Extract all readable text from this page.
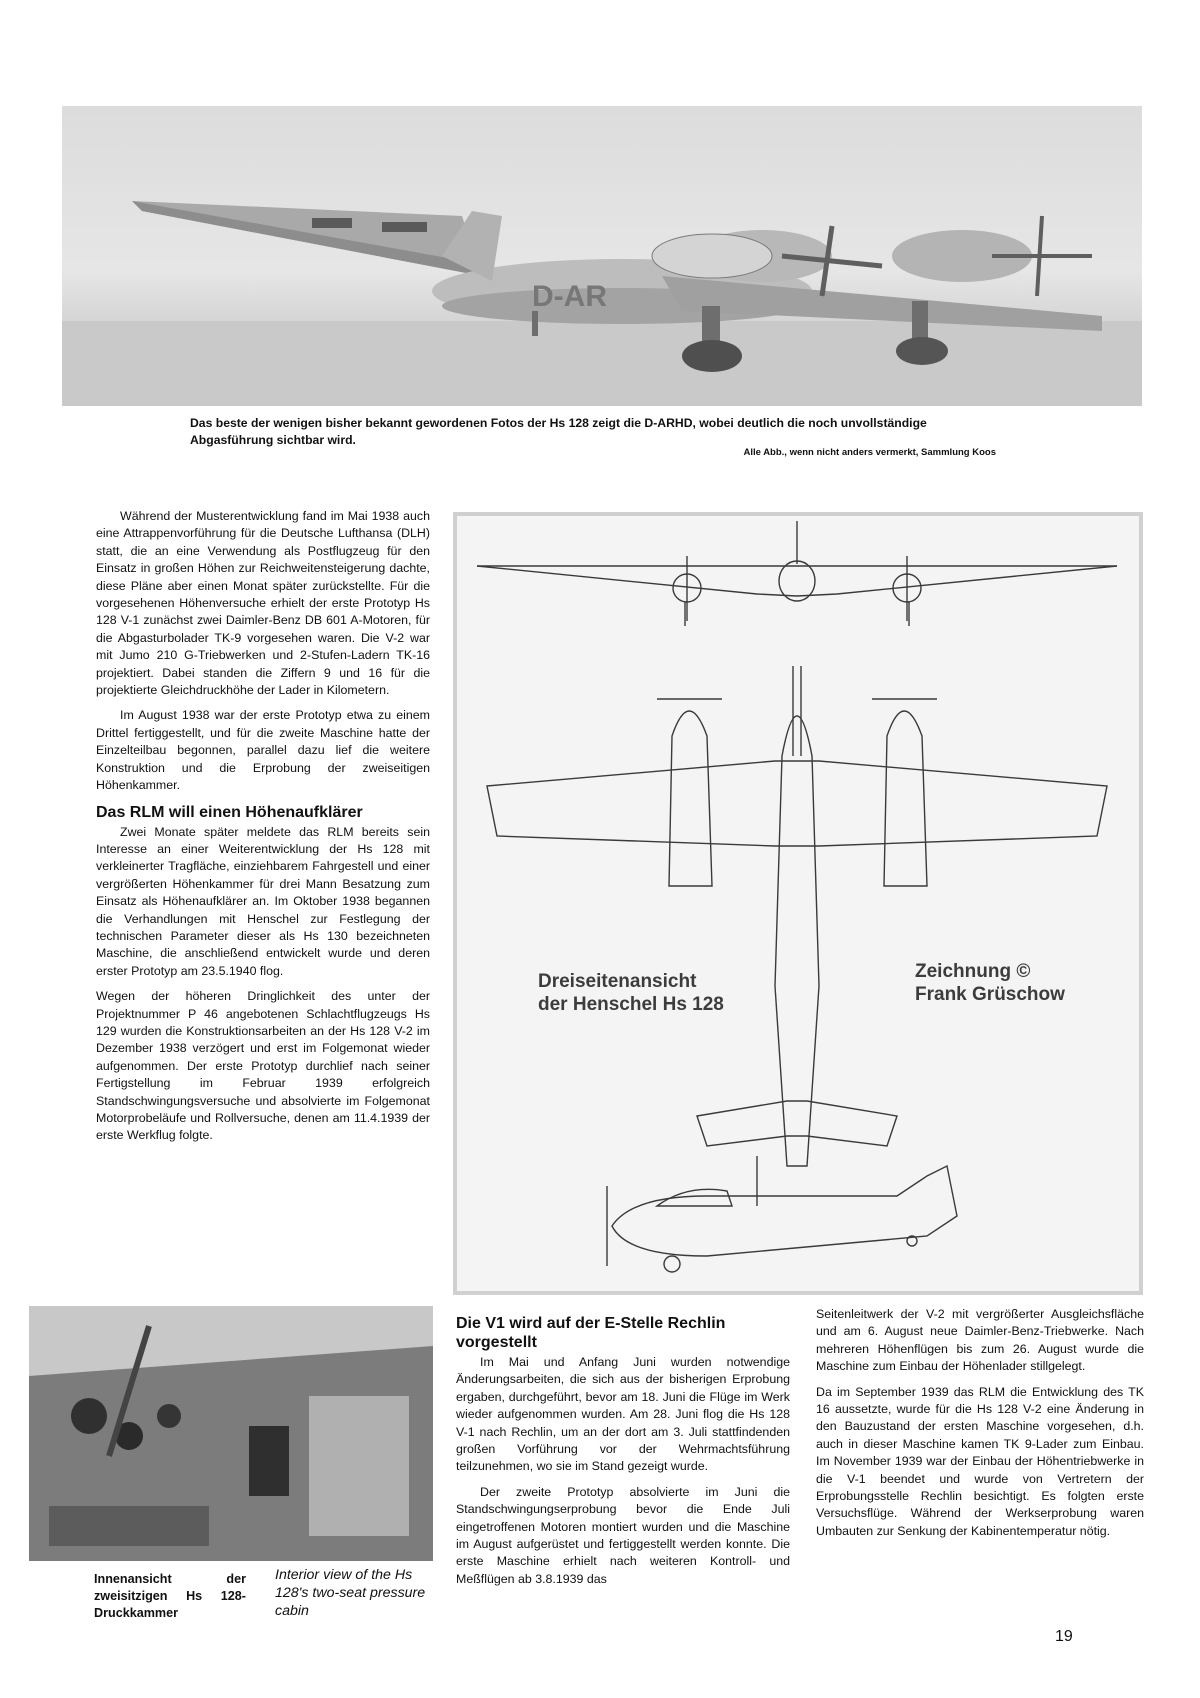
D-AR
Das beste der wenigen bisher bekannt gewordenen Fotos der Hs 128 zeigt die D-ARHD, wobei deutlich die noch unvollständige Abgasführung sichtbar wird.
Alle Abb., wenn nicht anders vermerkt, Sammlung Koos

Während der Musterentwicklung fand im Mai 1938 auch eine Attrappenvorführung für die Deutsche Lufthansa (DLH) statt, die an eine Verwendung als Postflugzeug für den Einsatz in großen Höhen zur Reichweitensteigerung dachte, diese Pläne aber einen Monat später zurückstellte. Für die vorgesehenen Höhenversuche erhielt der erste Prototyp Hs 128 V-1 zunächst zwei Daimler-Benz DB 601 A-Motoren, für die Abgasturbolader TK-9 vorgesehen waren. Die V-2 war mit Jumo 210 G-Triebwerken und 2-Stufen-Ladern TK-16 projektiert. Dabei standen die Ziffern 9 und 16 für die projektierte Gleichdruckhöhe der Lader in Kilometern.

Im August 1938 war der erste Prototyp etwa zu einem Drittel fertiggestellt, und für die zweite Maschine hatte der Einzelteilbau begonnen, parallel dazu lief die weitere Konstruktion und die Erprobung der zweiseitigen Höhenkammer.

Das RLM will einen Höhenaufklärer

Zwei Monate später meldete das RLM bereits sein Interesse an einer Weiterentwicklung der Hs 128 mit verkleinerter Tragfläche, einziehbarem Fahrgestell und einer vergrößerten Höhenkammer für drei Mann Besatzung zum Einsatz als Höhenaufklärer an. Im Oktober 1938 begannen die Verhandlungen mit Henschel zur Festlegung der technischen Parameter dieser als Hs 130 bezeichneten Maschine, die anschließend entwickelt wurde und deren erster Prototyp am 23.5.1940 flog.

Wegen der höheren Dringlichkeit des unter der Projektnummer P 46 angebotenen Schlachtflugzeugs Hs 129 wurden die Konstruktionsarbeiten an der Hs 128 V-2 im Dezember 1938 verzögert und erst im Folgemonat wieder aufgenommen. Der erste Prototyp durchlief nach seiner Fertigstellung im Februar 1939 erfolgreich Standschwingungsversuche und absolvierte im Folgemonat Motorprobeläufe und Rollversuche, denen am 11.4.1939 der erste Werkflug folgte.

Dreiseitenansicht
der Henschel Hs 128
Zeichnung ©
Frank Grüschow
Innenansicht der zweisitzigen Hs 128-Druckkammer
Interior view of the Hs 128's two-seat pressure cabin
Die V1 wird auf der E-Stelle Rechlin vorgestellt

Im Mai und Anfang Juni wurden notwendige Änderungsarbeiten, die sich aus der bisherigen Erprobung ergaben, durchgeführt, bevor am 18. Juni die Flüge im Werk wieder aufgenommen wurden. Am 28. Juni flog die Hs 128 V-1 nach Rechlin, um an der dort am 3. Juli stattfindenden großen Vorführung vor der Wehrmachtsführung teilzunehmen, wo sie im Stand gezeigt wurde.

Der zweite Prototyp absolvierte im Juni die Standschwingungserprobung bevor die Ende Juli eingetroffenen Motoren montiert wurden und die Maschine im August aufgerüstet und fertiggestellt werden konnte. Die erste Maschine erhielt nach weiteren Kontroll- und Meßflügen ab 3.8.1939 das

Seitenleitwerk der V-2 mit vergrößerter Ausgleichsfläche und am 6. August neue Daimler-Benz-Triebwerke. Nach mehreren Höhenflügen bis zum 26. August wurde die Maschine zum Einbau der Höhenlader stillgelegt.

Da im September 1939 das RLM die Entwicklung des TK 16 aussetzte, wurde für die Hs 128 V-2 eine Änderung in den Bauzustand der ersten Maschine vorgesehen, d.h. auch in dieser Maschine kamen TK 9-Lader zum Einbau. Im November 1939 war der Einbau der Höhentriebwerke in die V-1 beendet und wurde von Vertretern der Erprobungsstelle Rechlin besichtigt. Es folgten erste Versuchsflüge. Während der Werkserprobung waren Umbauten zur Senkung der Kabinentemperatur nötig.

19
